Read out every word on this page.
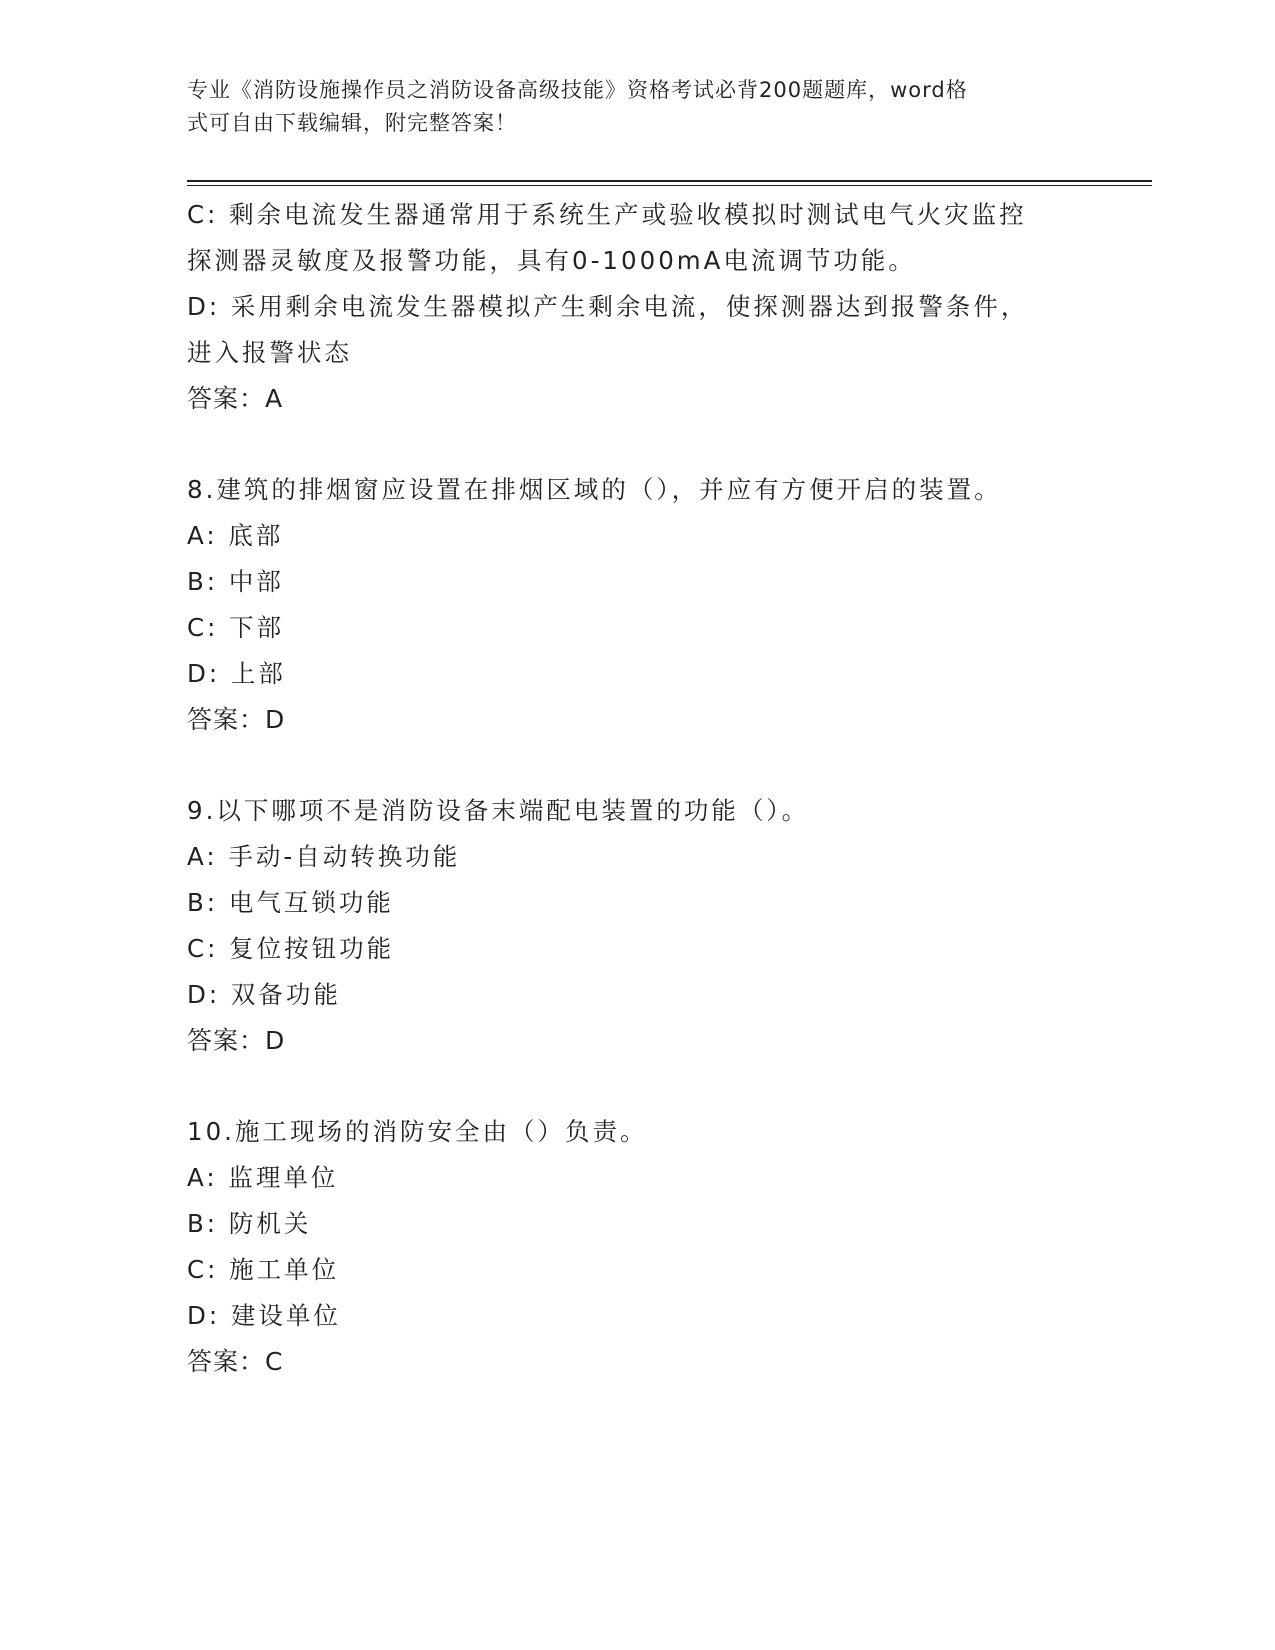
专业《消防设施操作员之消防设备高级技能》资格考试必背200题题库，word格
式可自由下载编辑，附完整答案！
C: 剩余电流发生器通常用于系统生产或验收模拟时测试电气火灾监控
探测器灵敏度及报警功能，具有0-1000mA电流调节功能。
D: 采用剩余电流发生器模拟产生剩余电流，使探测器达到报警条件，
进入报警状态
答案：A
8.建筑的排烟窗应设置在排烟区域的（），并应有方便开启的装置。
A: 底部
B: 中部
C: 下部
D: 上部
答案：D
9.以下哪项不是消防设备末端配电装置的功能（）。
A: 手动-自动转换功能
B: 电气互锁功能
C: 复位按钮功能
D: 双备功能
答案：D
10.施工现场的消防安全由（）负责。
A: 监理单位
B: 防机关
C: 施工单位
D: 建设单位
答案：C
